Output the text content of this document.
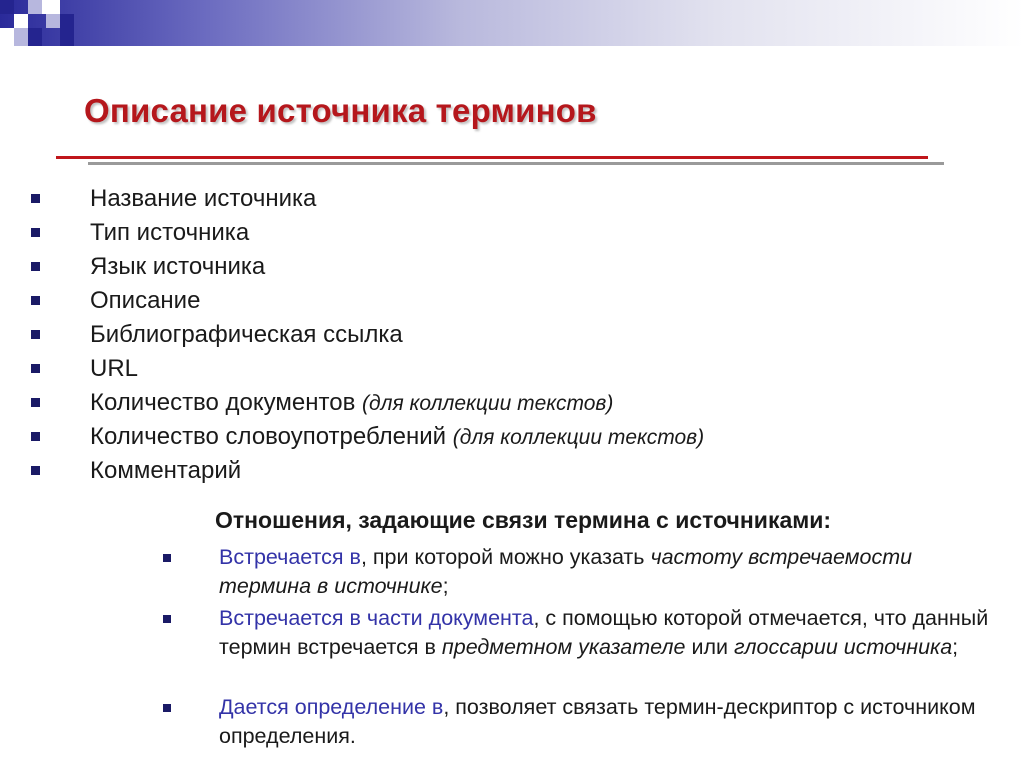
Описание источника терминов
Название источника
Тип источника
Язык источника
Описание
Библиографическая ссылка
URL
Количество документов (для коллекции текстов)
Количество словоупотреблений (для коллекции текстов)
Комментарий
Отношения, задающие связи термина с источниками:
Встречается в, при которой можно указать частоту встречаемости термина в источнике;
Встречается в части документа, с помощью которой отмечается, что данный термин встречается в предметном указателе или глоссарии источника;
Дается определение в, позволяет связать термин-дескриптор с источником определения.
